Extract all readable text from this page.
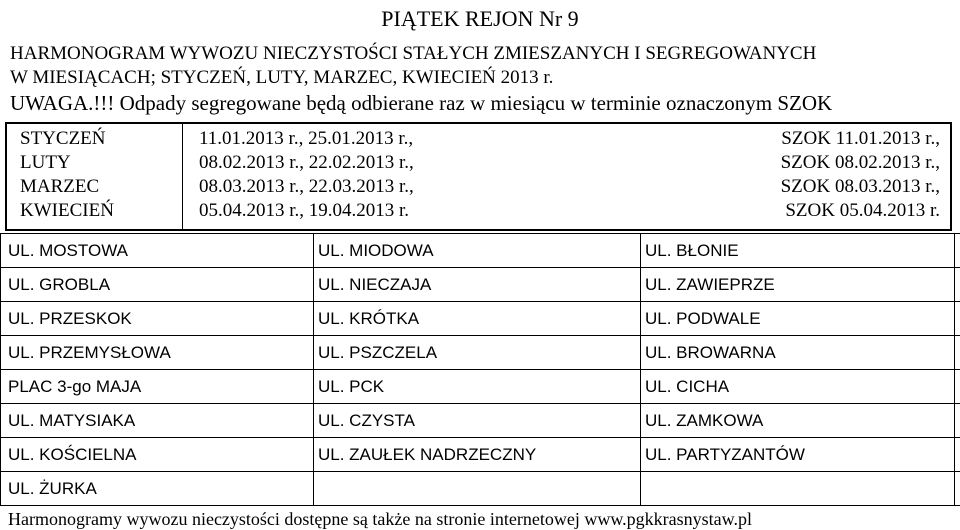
PIĄTEK REJON Nr 9
HARMONOGRAM WYWOZU NIECZYSTOŚCI STAŁYCH ZMIESZANYCH I SEGREGOWANYCH
W MIESIĄCACH; STYCZEŃ, LUTY, MARZEC, KWIECIEŃ 2013 r.
UWAGA.!!! Odpady segregowane będą odbierane raz w miesiącu w terminie oznaczonym SZOK
STYCZEŃ	11.01.2013 r., 25.01.2013 r.,	SZOK 11.01.2013 r.,
LUTY	08.02.2013 r., 22.02.2013 r.,	SZOK 08.02.2013 r.,
MARZEC	08.03.2013 r., 22.03.2013 r.,	SZOK 08.03.2013 r.,
KWIECIEŃ	05.04.2013 r., 19.04.2013 r.	SZOK 05.04.2013 r.
UL. MOSTOWA	UL. MIODOWA	UL. BŁONIE
UL. GROBLA	UL. NIECZAJA	UL. ZAWIEPRZE
UL. PRZESKOK	UL. KRÓTKA	UL. PODWALE
UL. PRZEMYSŁOWA	UL. PSZCZELA	UL. BROWARNA
PLAC 3-go MAJA	UL. PCK	UL. CICHA
UL. MATYSIAKA	UL. CZYSTA	UL. ZAMKOWA
UL. KOŚCIELNA	UL. ZAUŁEK NADRZECZNY	UL. PARTYZANTÓW
UL. ŻURKA
Harmonogramy wywozu nieczystości dostępne są także na stronie internetowej www.pgkkrasnystaw.pl
